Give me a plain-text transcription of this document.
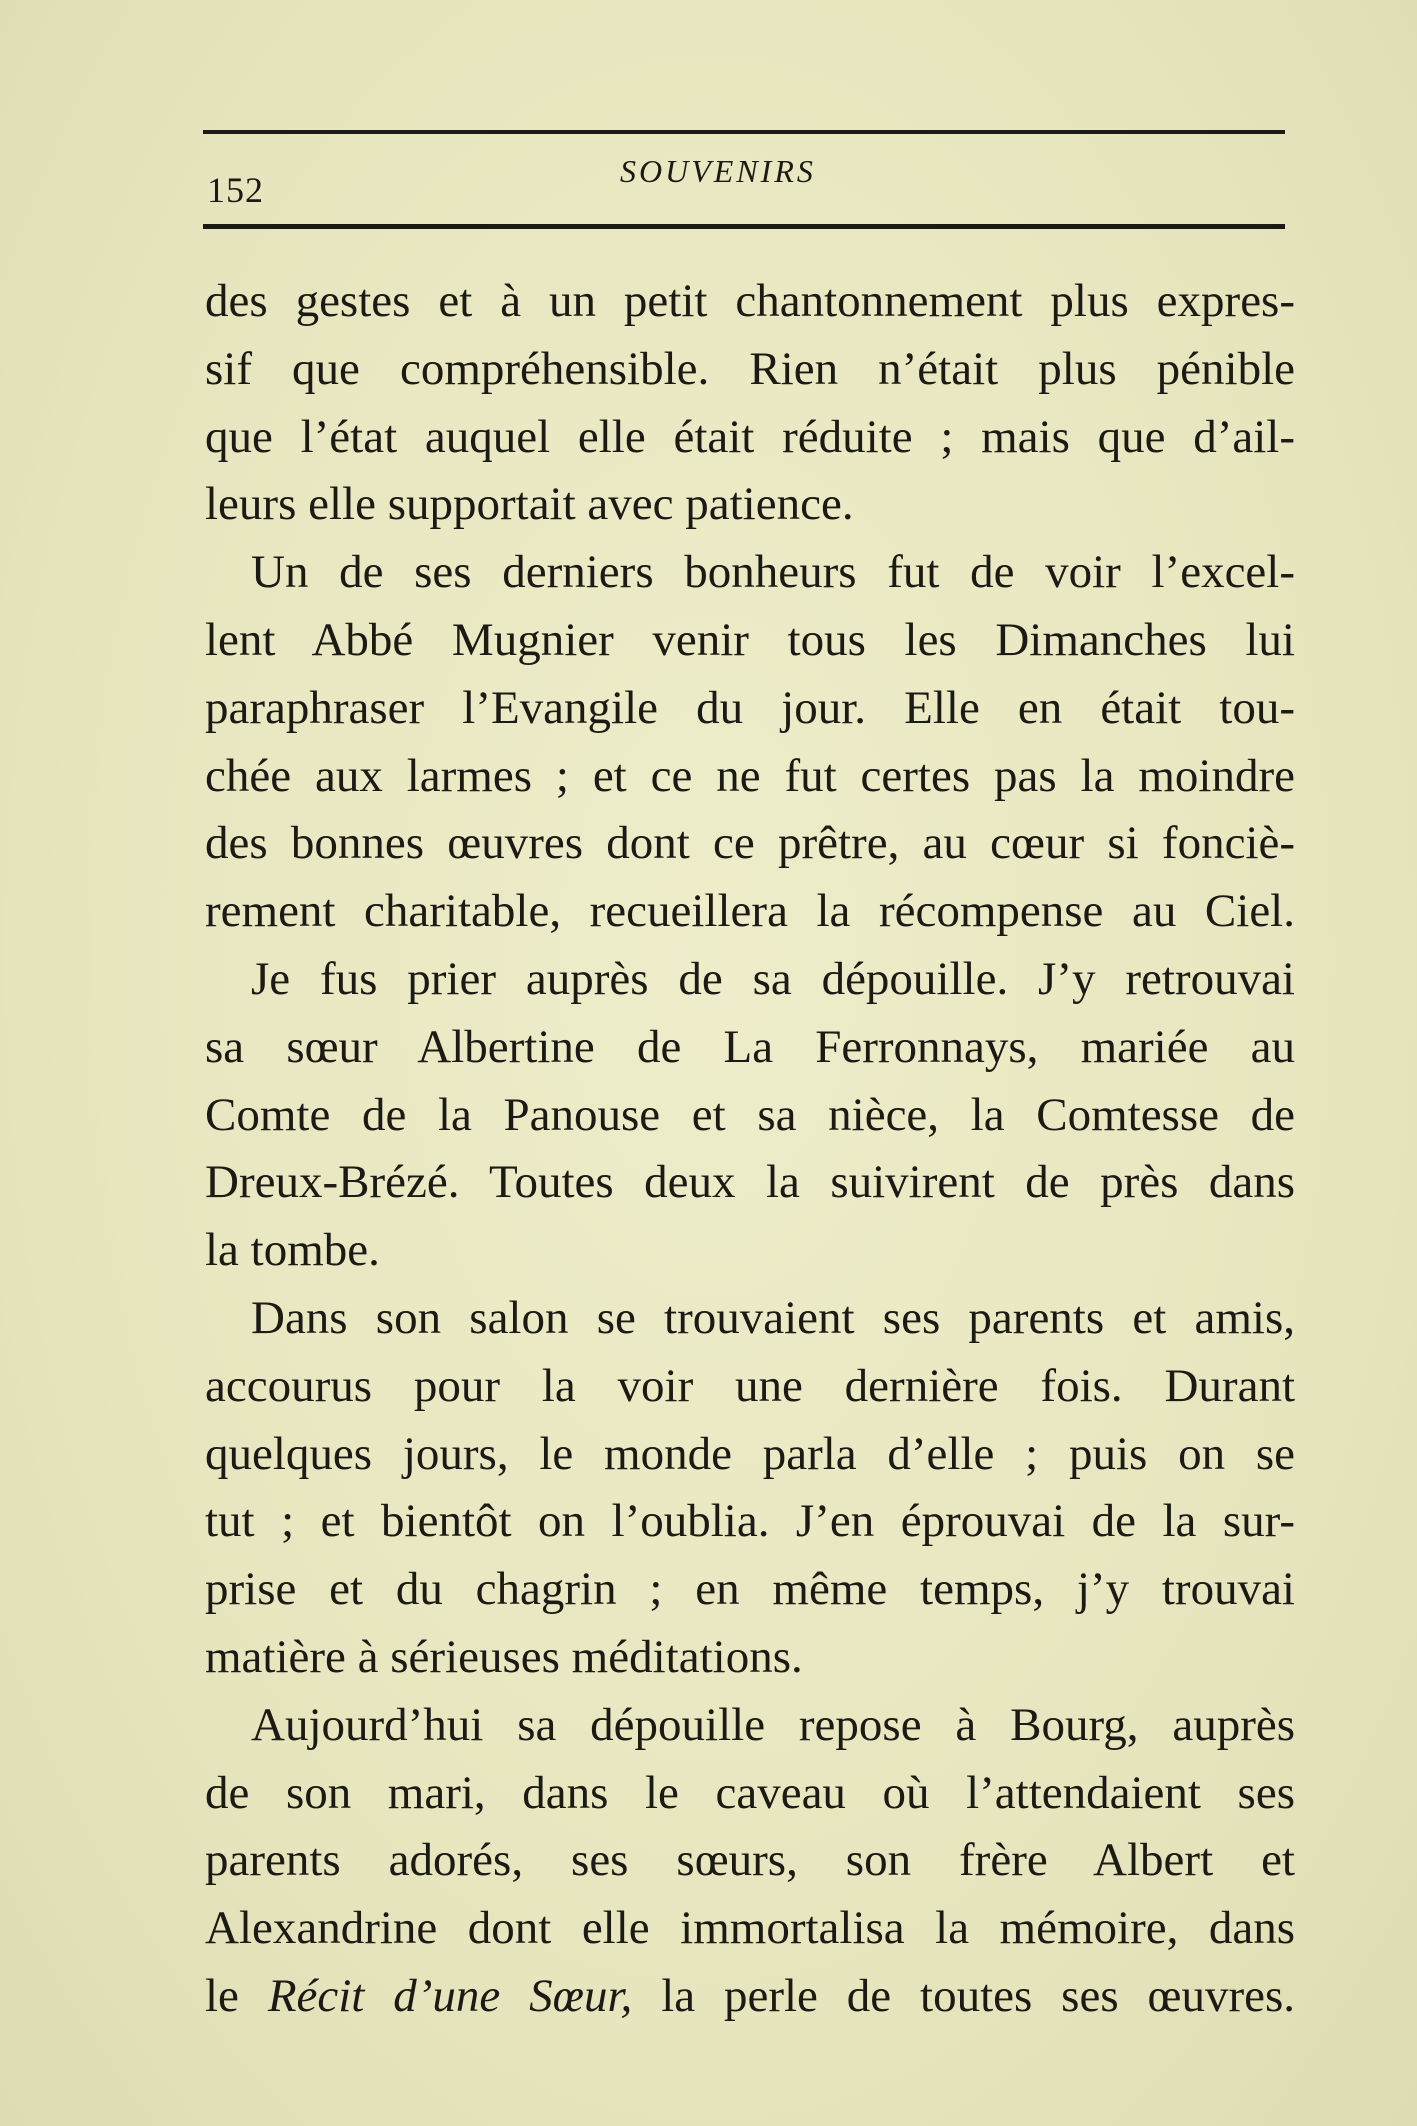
152	SOUVENIRS
des gestes et à un petit chantonnement plus expres-
sif que compréhensible. Rien n’était plus pénible
que l’état auquel elle était réduite ; mais que d’ail-
leurs elle supportait avec patience.
Un de ses derniers bonheurs fut de voir l’excel-
lent Abbé Mugnier venir tous les Dimanches lui
paraphraser l’Evangile du jour. Elle en était tou-
chée aux larmes ; et ce ne fut certes pas la moindre
des bonnes œuvres dont ce prêtre, au cœur si fonciè-
rement charitable, recueillera la récompense au Ciel.
Je fus prier auprès de sa dépouille. J’y retrouvai
sa sœur Albertine de La Ferronnays, mariée au
Comte de la Panouse et sa nièce, la Comtesse de
Dreux-Brézé. Toutes deux la suivirent de près dans
la tombe.
Dans son salon se trouvaient ses parents et amis,
accourus pour la voir une dernière fois. Durant
quelques jours, le monde parla d’elle ; puis on se
tut ; et bientôt on l’oublia. J’en éprouvai de la sur-
prise et du chagrin ; en même temps, j’y trouvai
matière à sérieuses méditations.
Aujourd’hui sa dépouille repose à Bourg, auprès
de son mari, dans le caveau où l’attendaient ses
parents adorés, ses sœurs, son frère Albert et
Alexandrine dont elle immortalisa la mémoire, dans
le Récit d’une Sœur, la perle de toutes ses œuvres.
